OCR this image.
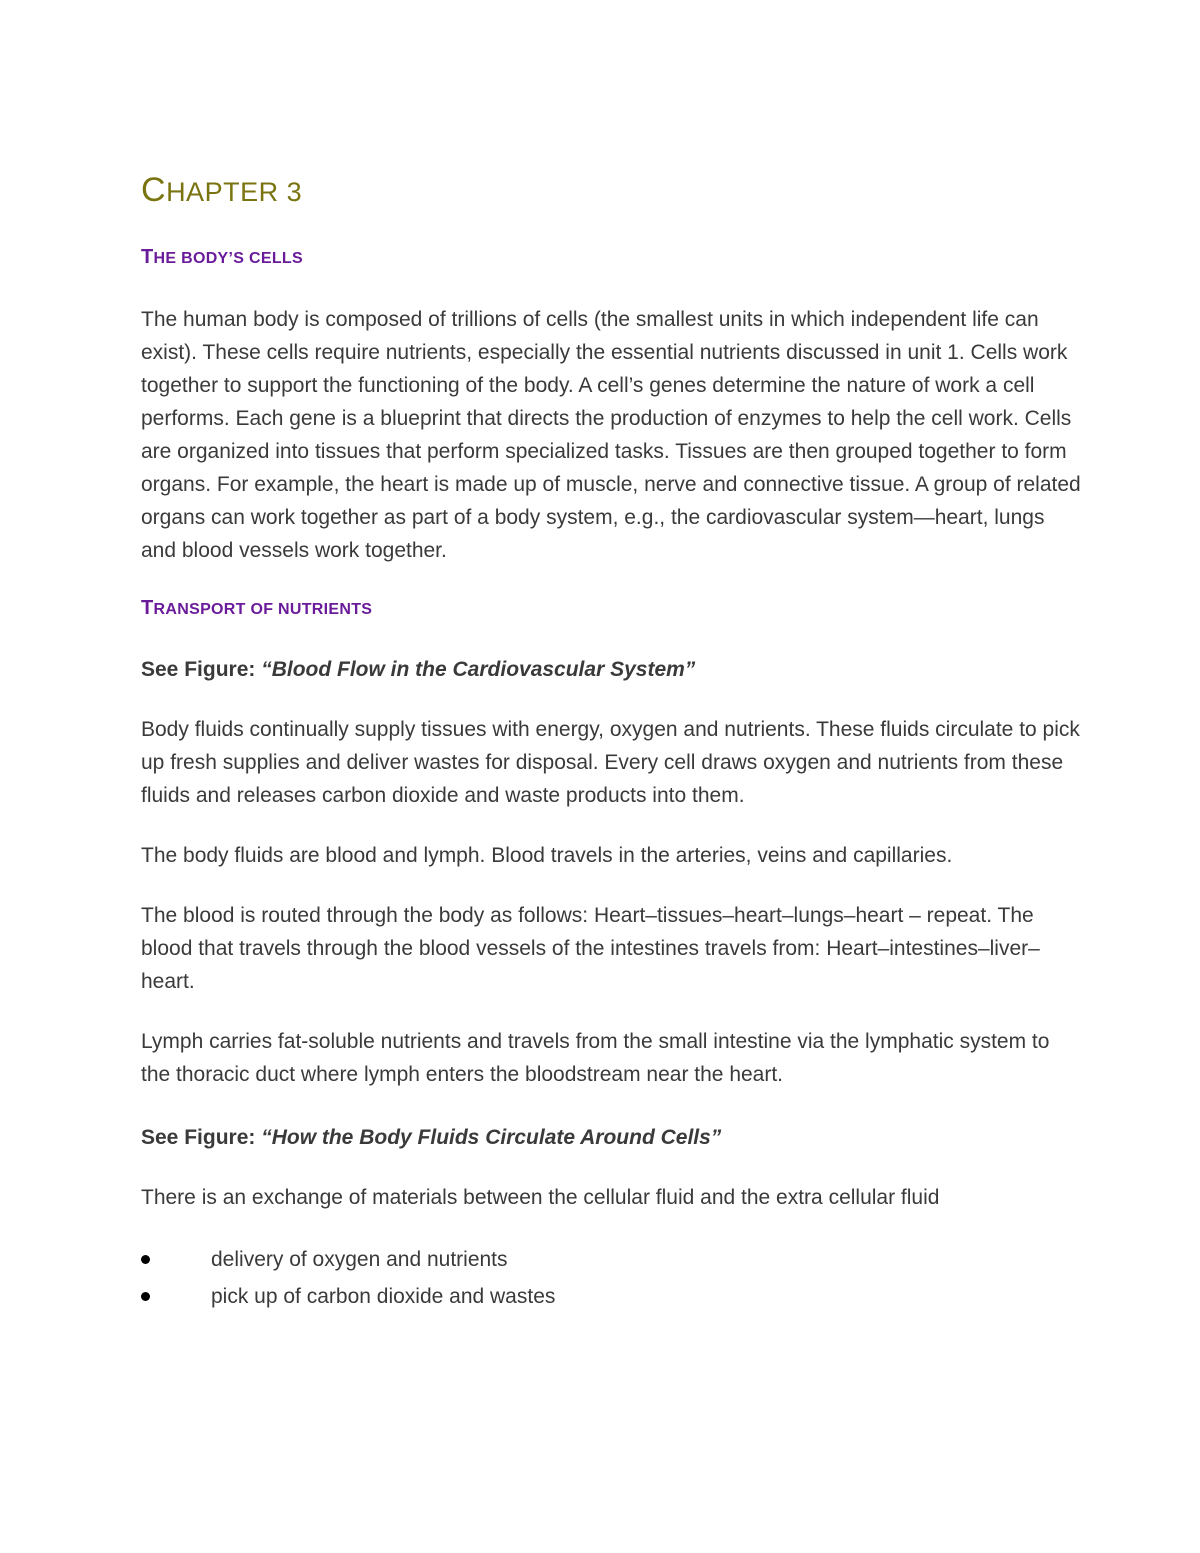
CHAPTER 3
THE BODY’S CELLS

The human body is composed of trillions of cells (the smallest units in which independent life can exist). These cells require nutrients, especially the essential nutrients discussed in unit 1. Cells work together to support the functioning of the body. A cell’s genes determine the nature of work a cell performs. Each gene is a blueprint that directs the production of enzymes to help the cell work. Cells are organized into tissues that perform specialized tasks. Tissues are then grouped together to form organs. For example, the heart is made up of muscle, nerve and connective tissue. A group of related organs can work together as part of a body system, e.g., the cardiovascular system—heart, lungs and blood vessels work together.

TRANSPORT OF NUTRIENTS

See Figure: “Blood Flow in the Cardiovascular System”

Body fluids continually supply tissues with energy, oxygen and nutrients. These fluids circulate to pick up fresh supplies and deliver wastes for disposal. Every cell draws oxygen and nutrients from these fluids and releases carbon dioxide and waste products into them.

The body fluids are blood and lymph. Blood travels in the arteries, veins and capillaries.

The blood is routed through the body as follows: Heart–tissues–heart–lungs–heart – repeat. The blood that travels through the blood vessels of the intestines travels from: Heart–intestines–liver–heart.

Lymph carries fat-soluble nutrients and travels from the small intestine via the lymphatic system to the thoracic duct where lymph enters the bloodstream near the heart.

See Figure: “How the Body Fluids Circulate Around Cells”

There is an exchange of materials between the cellular fluid and the extra cellular fluid

delivery of oxygen and nutrients
pick up of carbon dioxide and wastes
